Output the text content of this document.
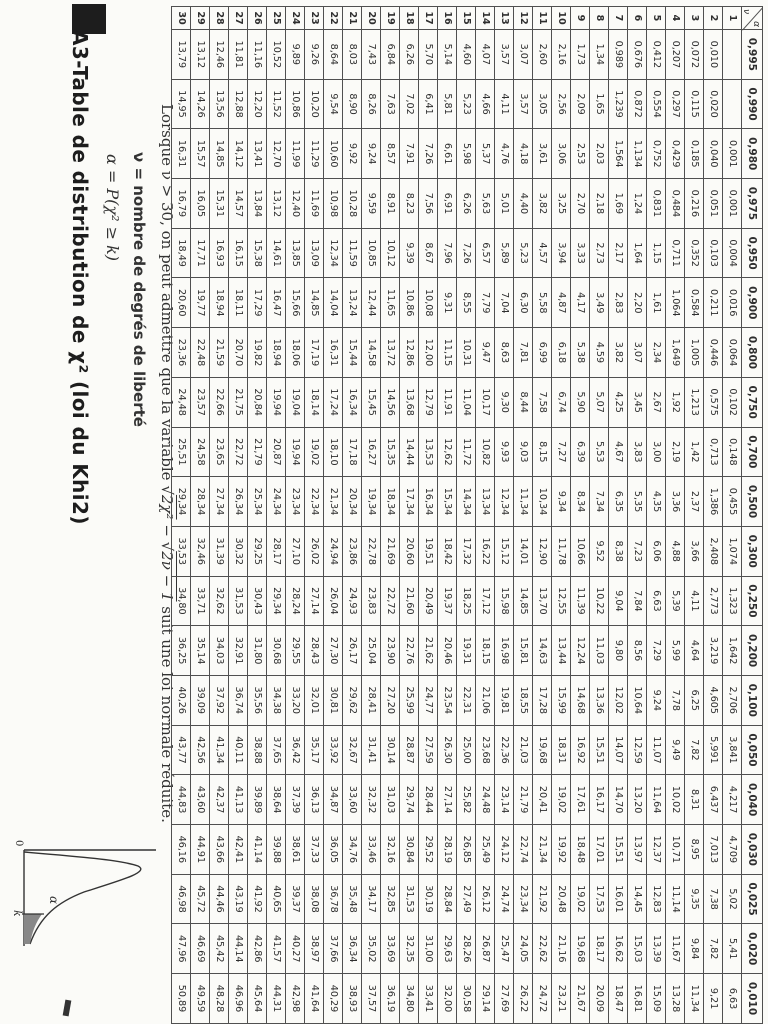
A3-Table de distribution de χ² (loi du Khi2) α = P(χ² ≥ k) ν = nombre de degrés de liberté Lorsque ν > 30, on peut admettre que la variable √2χ² − √2ν − 1 suit une loi normale réduite.
α
k
0
α
ν	0,995	0,990	0,980	0,975	0,950	0,900	0,800	0,750	0,700	0,500	0,300	0,250	0,200	0,100	0,050	0,040	0,030	0,025	0,020	0,010
1			0,001	0,001	0,004	0,016	0,064	0,102	0,148	0,455	1,074	1,323	1,642	2,706	3,841	4,217	4,709	5,02	5,41	6,63
2	0,010	0,020	0,040	0,051	0,103	0,211	0,446	0,575	0,713	1,386	2,408	2,773	3,219	4,605	5,991	6,437	7,013	7,38	7,82	9,21
3	0,072	0,115	0,185	0,216	0,352	0,584	1,005	1,213	1,42	2,37	3,66	4,11	4,64	6,25	7,82	8,31	8,95	9,35	9,84	11,34
4	0,207	0,297	0,429	0,484	0,711	1,064	1,649	1,92	2,19	3,36	4,88	5,39	5,99	7,78	9,49	10,02	10,71	11,14	11,67	13,28
5	0,412	0,554	0,752	0,831	1,15	1,61	2,34	2,67	3,00	4,35	6,06	6,63	7,29	9,24	11,07	11,64	12,37	12,83	13,39	15,09
6	0,676	0,872	1,134	1,24	1,64	2,20	3,07	3,45	3,83	5,35	7,23	7,84	8,56	10,64	12,59	13,20	13,97	14,45	15,03	16,81
7	0,989	1,239	1,564	1,69	2,17	2,83	3,82	4,25	4,67	6,35	8,38	9,04	9,80	12,02	14,07	14,70	15,51	16,01	16,62	18,47
8	1,34	1,65	2,03	2,18	2,73	3,49	4,59	5,07	5,53	7,34	9,52	10,22	11,03	13,36	15,51	16,17	17,01	17,53	18,17	20,09
9	1,73	2,09	2,53	2,70	3,33	4,17	5,38	5,90	6,39	8,34	10,66	11,39	12,24	14,68	16,92	17,61	18,48	19,02	19,68	21,67
10	2,16	2,56	3,06	3,25	3,94	4,87	6,18	6,74	7,27	9,34	11,78	12,55	13,44	15,99	18,31	19,02	19,92	20,48	21,16	23,21
11	2,60	3,05	3,61	3,82	4,57	5,58	6,99	7,58	8,15	10,34	12,90	13,70	14,63	17,28	19,68	20,41	21,34	21,92	22,62	24,72
12	3,07	3,57	4,18	4,40	5,23	6,30	7,81	8,44	9,03	11,34	14,01	14,85	15,81	18,55	21,03	21,79	22,74	23,34	24,05	26,22
13	3,57	4,11	4,76	5,01	5,89	7,04	8,63	9,30	9,93	12,34	15,12	15,98	16,98	19,81	22,36	23,14	24,12	24,74	25,47	27,69
14	4,07	4,66	5,37	5,63	6,57	7,79	9,47	10,17	10,82	13,34	16,22	17,12	18,15	21,06	23,68	24,48	25,49	26,12	26,87	29,14
15	4,60	5,23	5,98	6,26	7,26	8,55	10,31	11,04	11,72	14,34	17,32	18,25	19,31	22,31	25,00	25,82	26,85	27,49	28,26	30,58
16	5,14	5,81	6,61	6,91	7,96	9,31	11,15	11,91	12,62	15,34	18,42	19,37	20,46	23,54	26,30	27,14	28,19	28,84	29,63	32,00
17	5,70	6,41	7,26	7,56	8,67	10,08	12,00	12,79	13,53	16,34	19,51	20,49	21,62	24,77	27,59	28,44	29,52	30,19	31,00	33,41
18	6,26	7,02	7,91	8,23	9,39	10,86	12,86	13,68	14,44	17,34	20,60	21,60	22,76	25,99	28,87	29,74	30,84	31,53	32,35	34,80
19	6,84	7,63	8,57	8,91	10,12	11,65	13,72	14,56	15,35	18,34	21,69	22,72	23,90	27,20	30,14	31,03	32,16	32,85	33,69	36,19
20	7,43	8,26	9,24	9,59	10,85	12,44	14,58	15,45	16,27	19,34	22,78	23,83	25,04	28,41	31,41	32,32	33,46	34,17	35,02	37,57
21	8,03	8,90	9,92	10,28	11,59	13,24	15,44	16,34	17,18	20,34	23,86	24,93	26,17	29,62	32,67	33,60	34,76	35,48	36,34	38,93
22	8,64	9,54	10,60	10,98	12,34	14,04	16,31	17,24	18,10	21,34	24,94	26,04	27,30	30,81	33,92	34,87	36,05	36,78	37,66	40,29
23	9,26	10,20	11,29	11,69	13,09	14,85	17,19	18,14	19,02	22,34	26,02	27,14	28,43	32,01	35,17	36,13	37,33	38,08	38,97	41,64
24	9,89	10,86	11,99	12,40	13,85	15,66	18,06	19,04	19,94	23,34	27,10	28,24	29,55	33,20	36,42	37,39	38,61	39,37	40,27	42,98
25	10,52	11,52	12,70	13,12	14,61	16,47	18,94	19,94	20,87	24,34	28,17	29,34	30,68	34,38	37,65	38,64	39,88	40,65	41,57	44,31
26	11,16	12,20	13,41	13,84	15,38	17,29	19,82	20,84	21,79	25,34	29,25	30,43	31,80	35,56	38,88	39,89	41,14	41,92	42,86	45,64
27	11,81	12,88	14,12	14,57	16,15	18,11	20,70	21,75	22,72	26,34	30,32	31,53	32,91	36,74	40,11	41,13	42,41	43,19	44,14	46,96
28	12,46	13,56	14,85	15,31	16,93	18,94	21,59	22,66	23,65	27,34	31,39	32,62	34,03	37,92	41,34	42,37	43,66	44,46	45,42	48,28
29	13,12	14,26	15,57	16,05	17,71	19,77	22,48	23,57	24,58	28,34	32,46	33,71	35,14	39,09	42,56	43,60	44,91	45,72	46,69	49,59
30	13,79	14,95	16,31	16,79	18,49	20,60	23,36	24,48	25,51	29,34	33,53	34,80	36,25	40,26	43,77	44,83	46,16	46,98	47,96	50,89
